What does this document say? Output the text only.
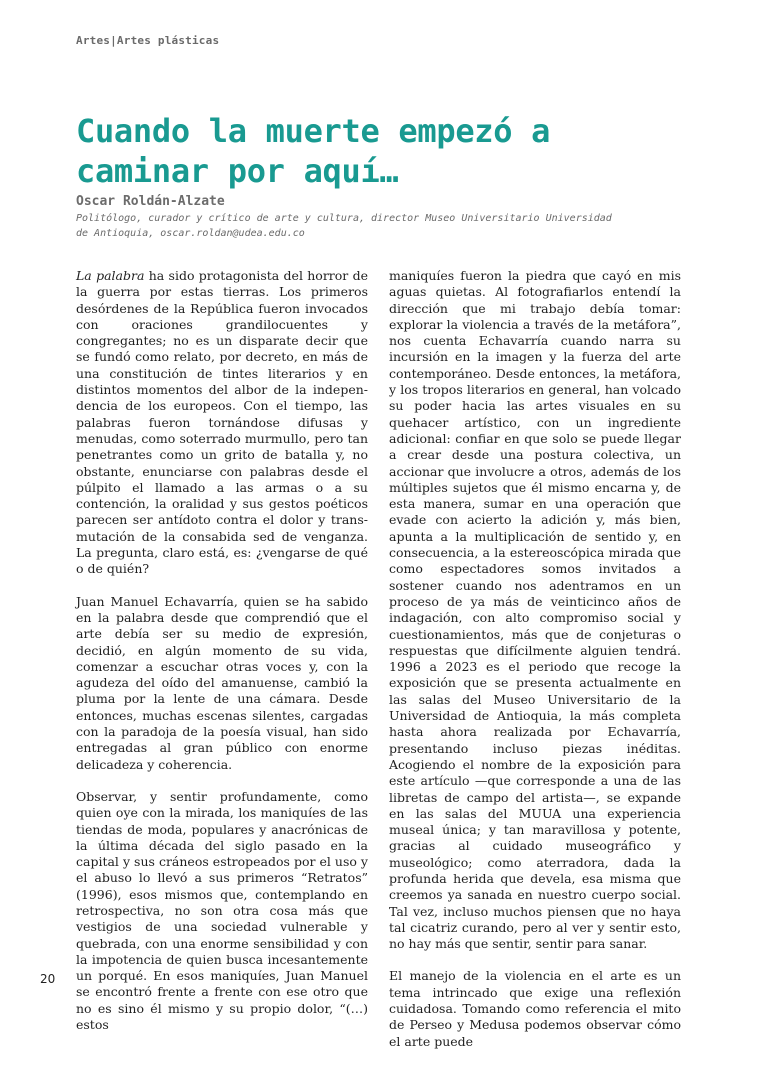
Artes|Artes plásticas
Cuando la muerte empezó a
caminar por aquí…
Oscar Roldán-Alzate

Politólogo, curador y crítico de arte y cultura, director Museo Universitario Universidad
de Antioquia, oscar.roldan@udea.edu.co

La palabra ha sido protagonista del horror de la guerra por estas tierras. Los primeros desórdenes de la República fueron invocados con oraciones grandilocuentes y congregantes; no es un disparate decir que se fundó como relato, por decreto, en más de una constitución de tintes literarios y en distintos momentos del albor de la independencia de los europeos. Con el tiempo, las palabras fueron tornándose difusas y menudas, como soterrado murmullo, pero tan penetrantes como un grito de batalla y, no obstante, enunciarse con palabras desde el púlpito el llamado a las armas o a su contención, la oralidad y sus gestos poéticos parecen ser antídoto contra el dolor y transmutación de la consabida sed de venganza. La pregunta, claro está, es: ¿vengarse de qué o de quién?

Juan Manuel Echavarría, quien se ha sabido en la palabra desde que comprendió que el arte debía ser su medio de expresión, decidió, en algún momento de su vida, comenzar a escuchar otras voces y, con la agudeza del oído del amanuense, cambió la pluma por la lente de una cámara. Desde entonces, muchas escenas silentes, cargadas con la paradoja de la poesía visual, han sido entregadas al gran público con enorme delicadeza y coherencia.

Observar, y sentir profundamente, como quien oye con la mirada, los maniquíes de las tiendas de moda, populares y anacrónicas de la última década del siglo pasado en la capital y sus cráneos estropeados por el uso y el abuso lo llevó a sus primeros “Retratos” (1996), esos mismos que, contemplando en retrospectiva, no son otra cosa más que vestigios de una sociedad vulnerable y quebrada, con una enorme sensibilidad y con la impotencia de quien busca incesantemente un porqué. En esos maniquíes, Juan Manuel se encontró frente a frente con ese otro que no es sino él mismo y su propio dolor, “(…) estos

maniquíes fueron la piedra que cayó en mis aguas quietas. Al fotografiarlos entendí la dirección que mi trabajo debía tomar: explorar la violencia a través de la metáfora”, nos cuenta Echavarría cuando narra su incursión en la imagen y la fuerza del arte contemporáneo. Desde entonces, la metáfora, y los tropos literarios en general, han volcado su poder hacia las artes visuales en su quehacer artístico, con un ingrediente adicional: confiar en que solo se puede llegar a crear desde una postura colectiva, un accionar que involucre a otros, además de los múltiples sujetos que él mismo encarna y, de esta manera, sumar en una operación que evade con acierto la adición y, más bien, apunta a la multiplicación de sentido y, en consecuencia, a la estereoscópica mirada que como espectadores somos invitados a sostener cuando nos adentramos en un proceso de ya más de veinticinco años de indagación, con alto compromiso social y cuestionamientos, más que de conjeturas o respuestas que difícilmente alguien tendrá. 1996 a 2023 es el periodo que recoge la exposición que se presenta actualmente en las salas del Museo Universitario de la Universidad de Antioquia, la más completa hasta ahora realizada por Echavarría, presentando incluso piezas inéditas. Acogiendo el nombre de la exposición para este artículo —que corresponde a una de las libretas de campo del artista—, se expande en las salas del MUUA una experiencia museal única; y tan maravillosa y potente, gracias al cuidado museográfico y museológico; como aterradora, dada la profunda herida que devela, esa misma que creemos ya sanada en nuestro cuerpo social. Tal vez, incluso muchos piensen que no haya tal cicatriz curando, pero al ver y sentir esto, no hay más que sentir, sentir para sanar.

El manejo de la violencia en el arte es un tema intrincado que exige una reflexión cuidadosa. Tomando como referencia el mito de Perseo y Medusa podemos observar cómo el arte puede

20
